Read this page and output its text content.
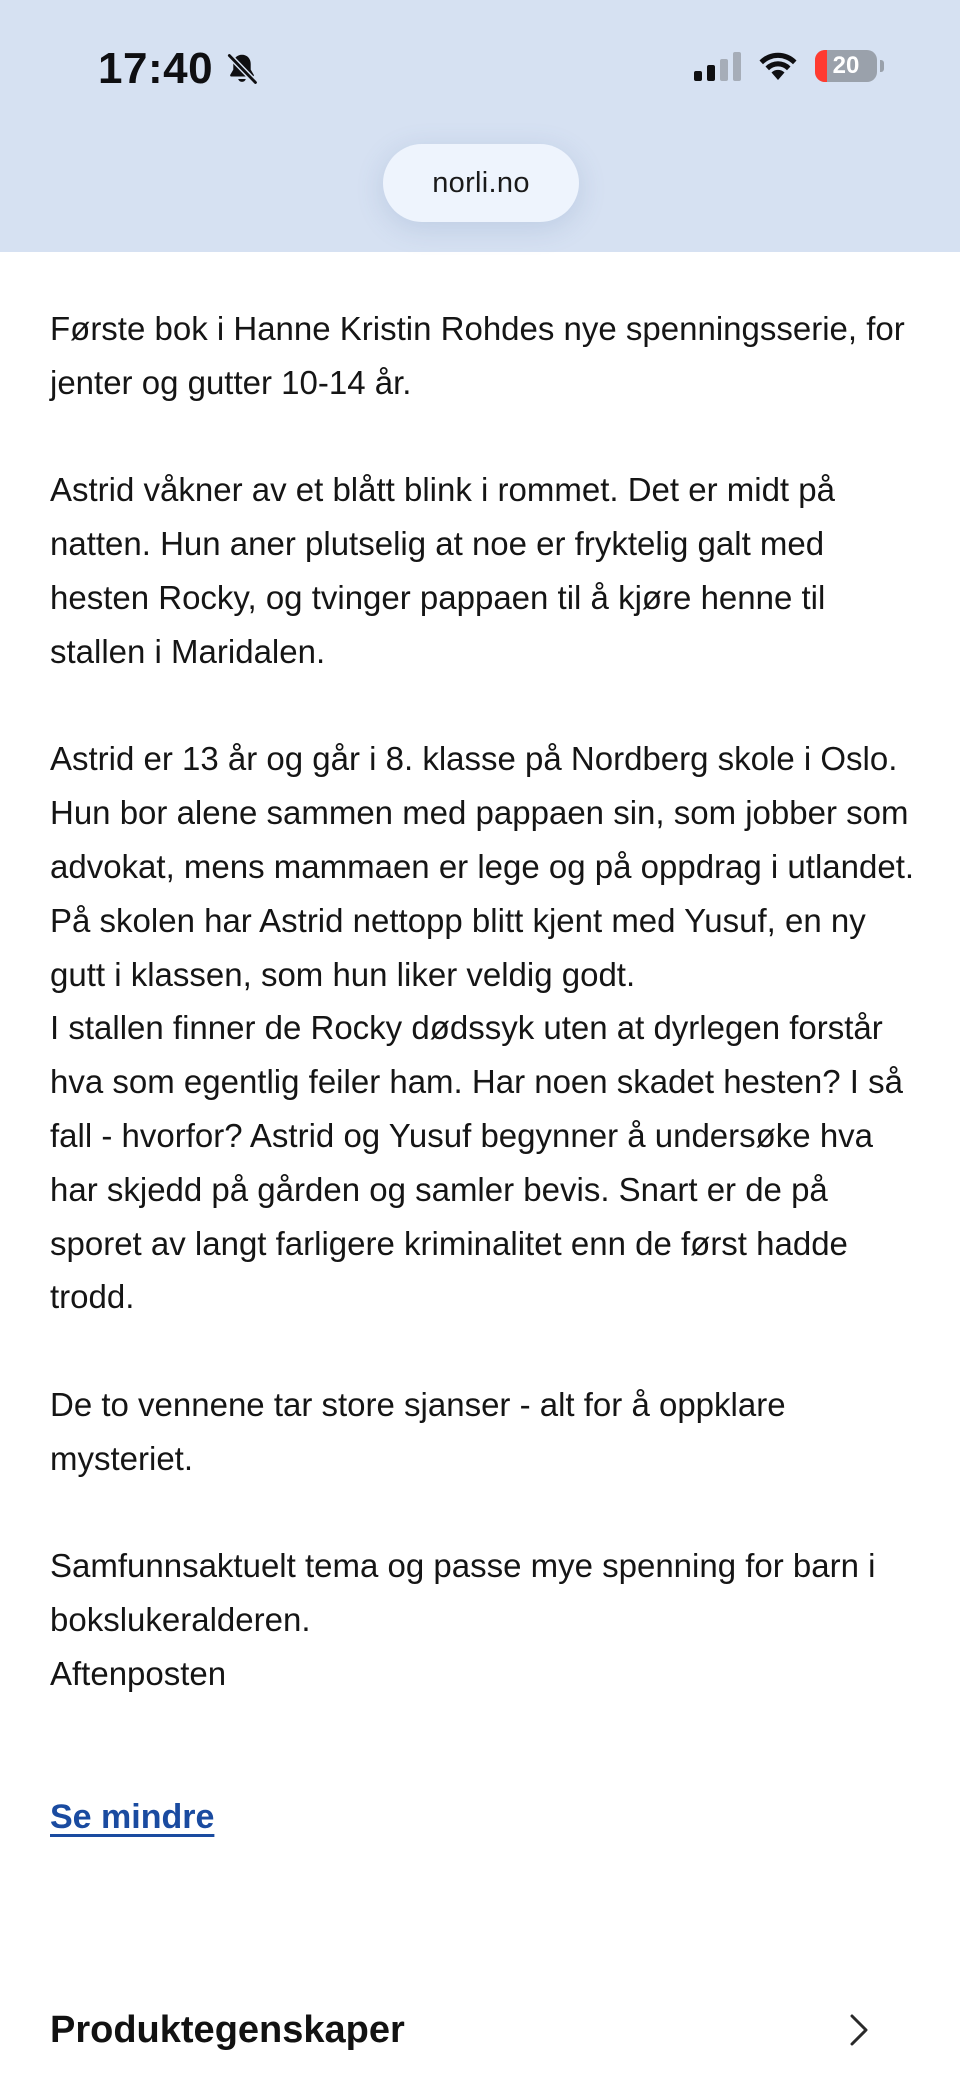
17:40	20
norli.no

Første bok i Hanne Kristin Rohdes nye spenningsserie, for jenter og gutter 10-14 år.

Astrid våkner av et blått blink i rommet. Det er midt på natten. Hun aner plutselig at noe er fryktelig galt med hesten Rocky, og tvinger pappaen til å kjøre henne til stallen i Maridalen.

Astrid er 13 år og går i 8. klasse på Nordberg skole i Oslo. Hun bor alene sammen med pappaen sin, som jobber som advokat, mens mammaen er lege og på oppdrag i utlandet. På skolen har Astrid nettopp blitt kjent med Yusuf, en ny gutt i klassen, som hun liker veldig godt.

I stallen finner de Rocky dødssyk uten at dyrlegen forstår hva som egentlig feiler ham. Har noen skadet hesten? I så fall - hvorfor? Astrid og Yusuf begynner å undersøke hva har skjedd på gården og samler bevis. Snart er de på sporet av langt farligere kriminalitet enn de først hadde trodd.

De to vennene tar store sjanser - alt for å oppklare mysteriet.

Samfunnsaktuelt tema og passe mye spenning for barn i bokslukeralderen.

Aftenposten

Se mindre
Produktegenskaper
